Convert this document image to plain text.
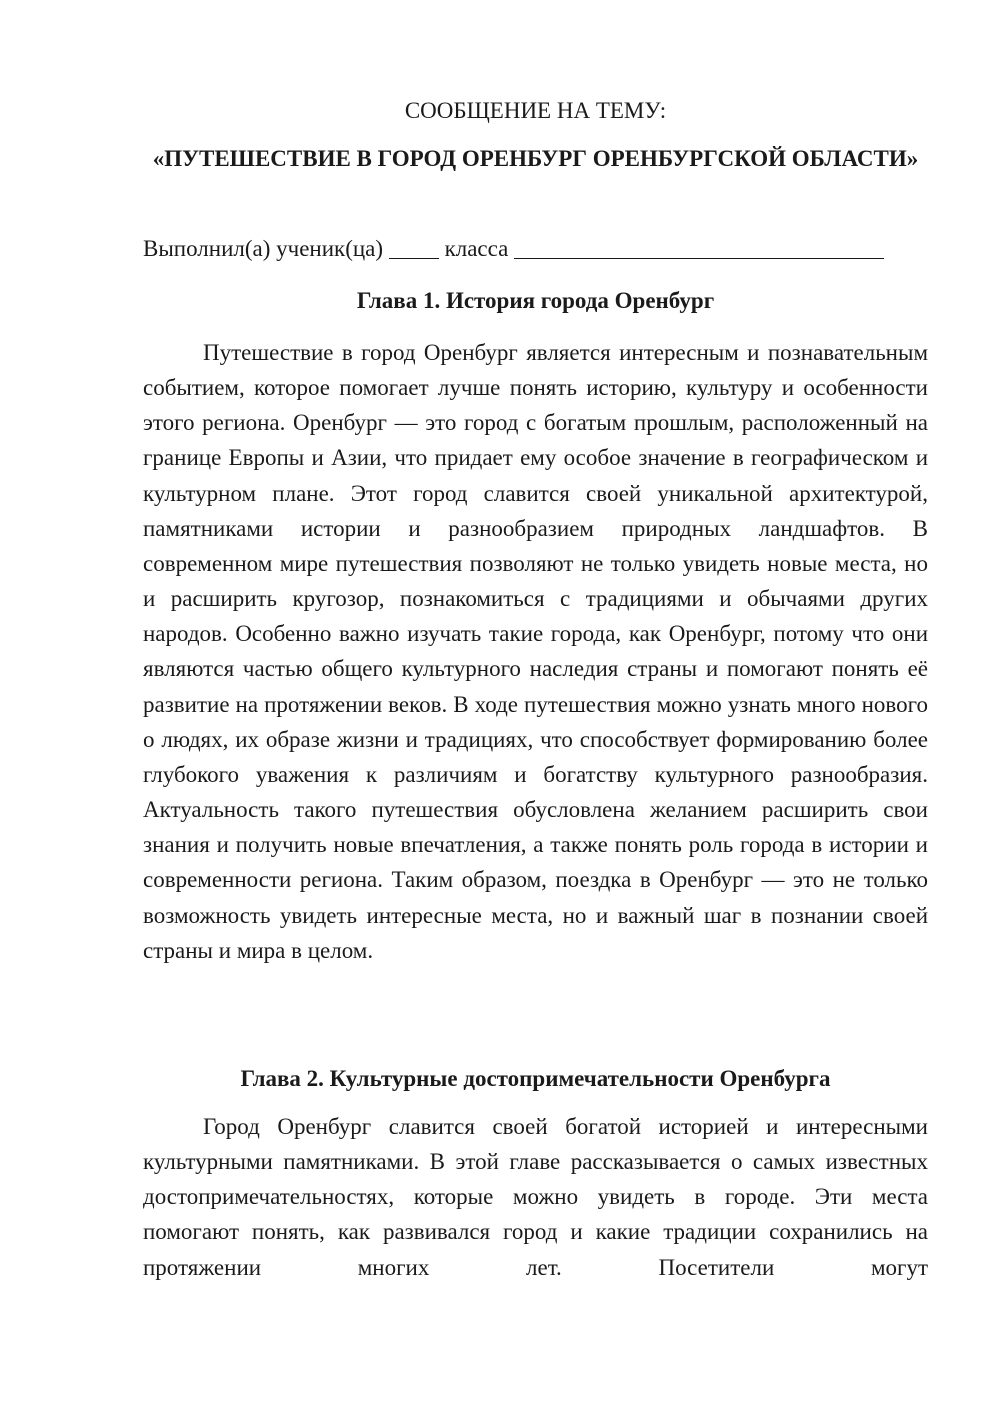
СООБЩЕНИЕ НА ТЕМУ:

«ПУТЕШЕСТВИЕ В ГОРОД ОРЕНБУРГ ОРЕНБУРГСКОЙ ОБЛАСТИ»
Выполнил(а) ученик(ца)	класса
Глава 1. История города Оренбург

Путешествие в город Оренбург является интересным и познавательным событием, которое помогает лучше понять историю, культуру и особенности этого региона. Оренбург — это город с богатым прошлым, расположенный на границе Европы и Азии, что придает ему особое значение в географическом и культурном плане. Этот город славится своей уникальной архитектурой, памятниками истории и разнообразием природных ландшафтов. В современном мире путешествия позволяют не только увидеть новые места, но и расширить кругозор, познакомиться с традициями и обычаями других народов. Особенно важно изучать такие города, как Оренбург, потому что они являются частью общего культурного наследия страны и помогают понять её развитие на протяжении веков. В ходе путешествия можно узнать много нового о людях, их образе жизни и традициях, что способствует формированию более глубокого уважения к различиям и богатству культурного разнообразия. Актуальность такого путешествия обусловлена желанием расширить свои знания и получить новые впечатления, а также понять роль города в истории и современности региона. Таким образом, поездка в Оренбург — это не только возможность увидеть интересные места, но и важный шаг в познании своей страны и мира в целом.

Глава 2. Культурные достопримечательности Оренбурга

Город Оренбург славится своей богатой историей и интересными культурными памятниками. В этой главе рассказывается о самых известных достопримечательностях, которые можно увидеть в городе. Эти места помогают понять, как развивался город и какие традиции сохранились на протяжении многих лет. Посетители могут
